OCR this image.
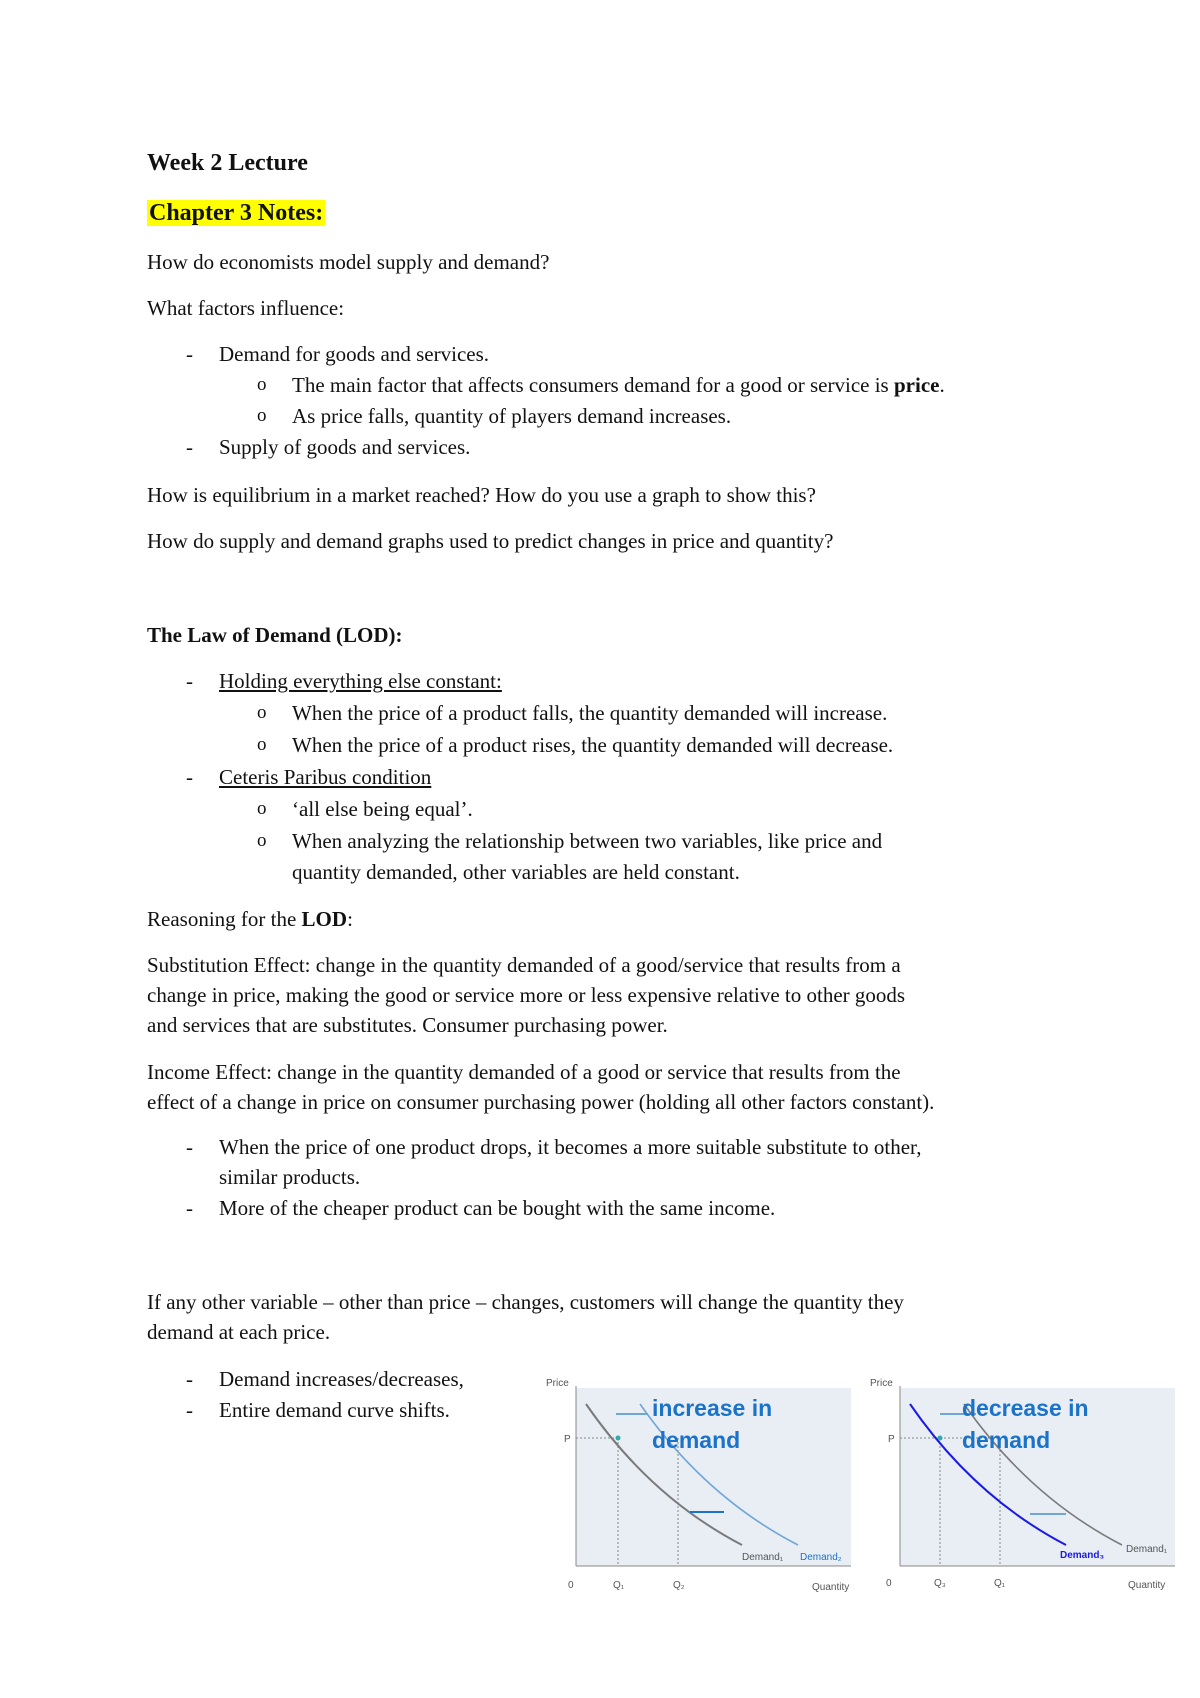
Week 2 Lecture
Chapter 3 Notes:
How do economists model supply and demand?
What factors influence:
- Demand for goods and services.
o The main factor that affects consumers demand for a good or service is price.
o As price falls, quantity of players demand increases.
- Supply of goods and services.
How is equilibrium in a market reached? How do you use a graph to show this?
How do supply and demand graphs used to predict changes in price and quantity?
The Law of Demand (LOD):
- Holding everything else constant:
o When the price of a product falls, the quantity demanded will increase.
o When the price of a product rises, the quantity demanded will decrease.
- Ceteris Paribus condition
o ‘all else being equal’.
o When analyzing the relationship between two variables, like price and
quantity demanded, other variables are held constant.
Reasoning for the LOD:
Substitution Effect: change in the quantity demanded of a good/service that results from a
change in price, making the good or service more or less expensive relative to other goods
and services that are substitutes. Consumer purchasing power.
Income Effect: change in the quantity demanded of a good or service that results from the
effect of a change in price on consumer purchasing power (holding all other factors constant).
- When the price of one product drops, it becomes a more suitable substitute to other,
similar products.
- More of the cheaper product can be bought with the same income.
If any other variable – other than price – changes, customers will change the quantity they
demand at each price.
- Demand increases/decreases,
- Entire demand curve shifts.
Price
Quantity
P
0	Q₁	Q₂
increase in
demand
Demand₁ Demand₂
Price
Quantity
P
0	Q₃	Q₁
decrease in
demand
Demand₃
Demand₁
